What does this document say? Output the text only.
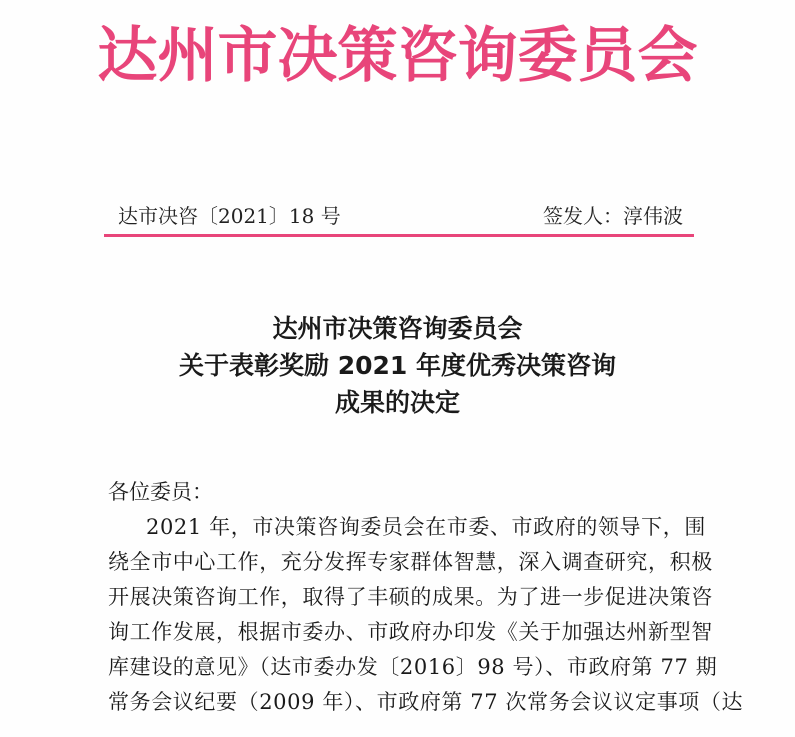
达州市决策咨询委员会
达市决咨〔2021〕18 号	签发人：淳伟波
达州市决策咨询委员会
关于表彰奖励 2021 年度优秀决策咨询
成果的决定
各位委员：
2021 年，市决策咨询委员会在市委、市政府的领导下，围
绕全市中心工作，充分发挥专家群体智慧，深入调查研究，积极
开展决策咨询工作，取得了丰硕的成果。为了进一步促进决策咨
询工作发展，根据市委办、市政府办印发《关于加强达州新型智
库建设的意见》（达市委办发〔2016〕98 号）、市政府第 77 期
常务会议纪要（2009 年）、市政府第 77 次常务会议议定事项（达
